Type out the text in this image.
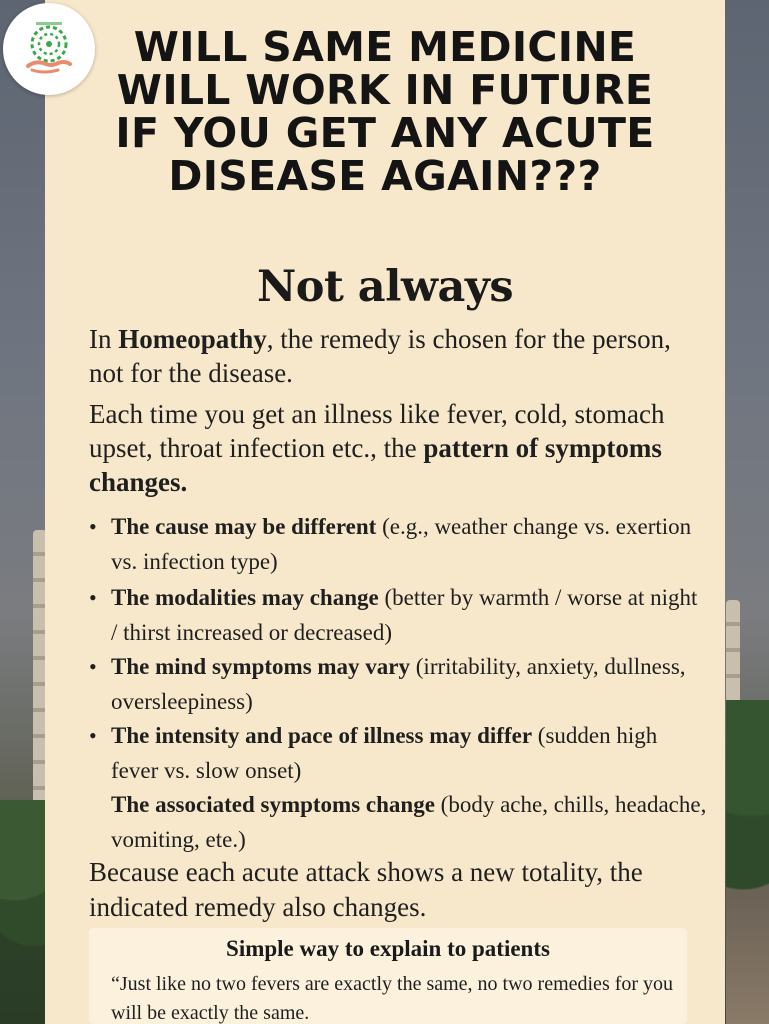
WILL SAME MEDICINE
WILL WORK IN FUTURE
IF YOU GET ANY ACUTE
DISEASE AGAIN???
Not always
In Homeopathy, the remedy is chosen for the person, not for the disease.
Each time you get an illness like fever, cold, stomach upset, throat infection etc., the pattern of symptoms changes.
• The cause may be different (e.g., weather change vs. exertion vs. infection type)
• The modalities may change (better by warmth / worse at night / thirst increased or decreased)
• The mind symptoms may vary (irritability, anxiety, dullness, oversleepiness)
• The intensity and pace of illness may differ (sudden high fever vs. slow onset)
The associated symptoms change (body ache, chills, headache, vomiting, ete.)
Because each acute attack shows a new totality, the indicated remedy also changes.
Simple way to explain to patients
“Just like no two fevers are exactly the same, no two remedies for you will be exactly the same.
